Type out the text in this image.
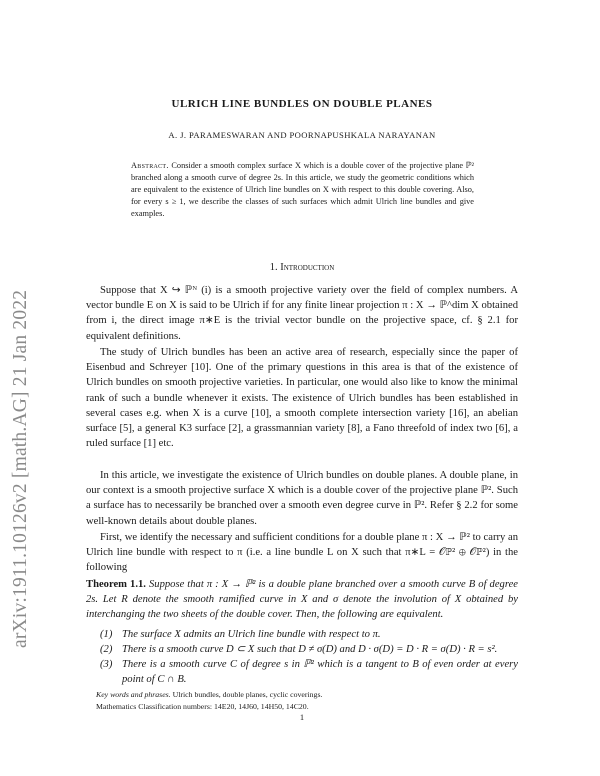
arXiv:1911.10126v2 [math.AG] 21 Jan 2022
ULRICH LINE BUNDLES ON DOUBLE PLANES
A. J. PARAMESWARAN AND POORNAPUSHKALA NARAYANAN
Abstract. Consider a smooth complex surface X which is a double cover of the projective plane ℙ² branched along a smooth curve of degree 2s. In this article, we study the geometric conditions which are equivalent to the existence of Ulrich line bundles on X with respect to this double covering. Also, for every s ≥ 1, we describe the classes of such surfaces which admit Ulrich line bundles and give examples.
1. Introduction

Suppose that X ↪ ℙᴺ (i) is a smooth projective variety over the field of complex numbers. A vector bundle E on X is said to be Ulrich if for any finite linear projection π : X → ℙ^dim X obtained from i, the direct image π∗E is the trivial vector bundle on the projective space, cf. § 2.1 for equivalent definitions.

The study of Ulrich bundles has been an active area of research, especially since the paper of Eisenbud and Schreyer [10]. One of the primary questions in this area is that of the existence of Ulrich bundles on smooth projective varieties. In particular, one would also like to know the minimal rank of such a bundle whenever it exists. The existence of Ulrich bundles has been established in several cases e.g. when X is a curve [10], a smooth complete intersection variety [16], an abelian surface [5], a general K3 surface [2], a grassmannian variety [8], a Fano threefold of index two [6], a ruled surface [1] etc.

In this article, we investigate the existence of Ulrich bundles on double planes. A double plane, in our context is a smooth projective surface X which is a double cover of the projective plane ℙ². Such a surface has to necessarily be branched over a smooth even degree curve in ℙ². Refer § 2.2 for some well-known details about double planes.

First, we identify the necessary and sufficient conditions for a double plane π : X → ℙ² to carry an Ulrich line bundle with respect to π (i.e. a line bundle L on X such that π∗L = 𝒪ℙ² ⊕ 𝒪ℙ²) in the following

Theorem 1.1. Suppose that π : X → ℙ² is a double plane branched over a smooth curve B of degree 2s. Let R denote the smooth ramified curve in X and σ denote the involution of X obtained by interchanging the two sheets of the double cover. Then, the following are equivalent.
(1) The surface X admits an Ulrich line bundle with respect to π.
(2) There is a smooth curve D ⊂ X such that D ≠ σ(D) and D · σ(D) = D · R = σ(D) · R = s².
(3) There is a smooth curve C of degree s in ℙ² which is a tangent to B of even order at every point of C ∩ B.
Key words and phrases. Ulrich bundles, double planes, cyclic coverings.
Mathematics Classification numbers: 14E20, 14J60, 14H50, 14C20.
1
